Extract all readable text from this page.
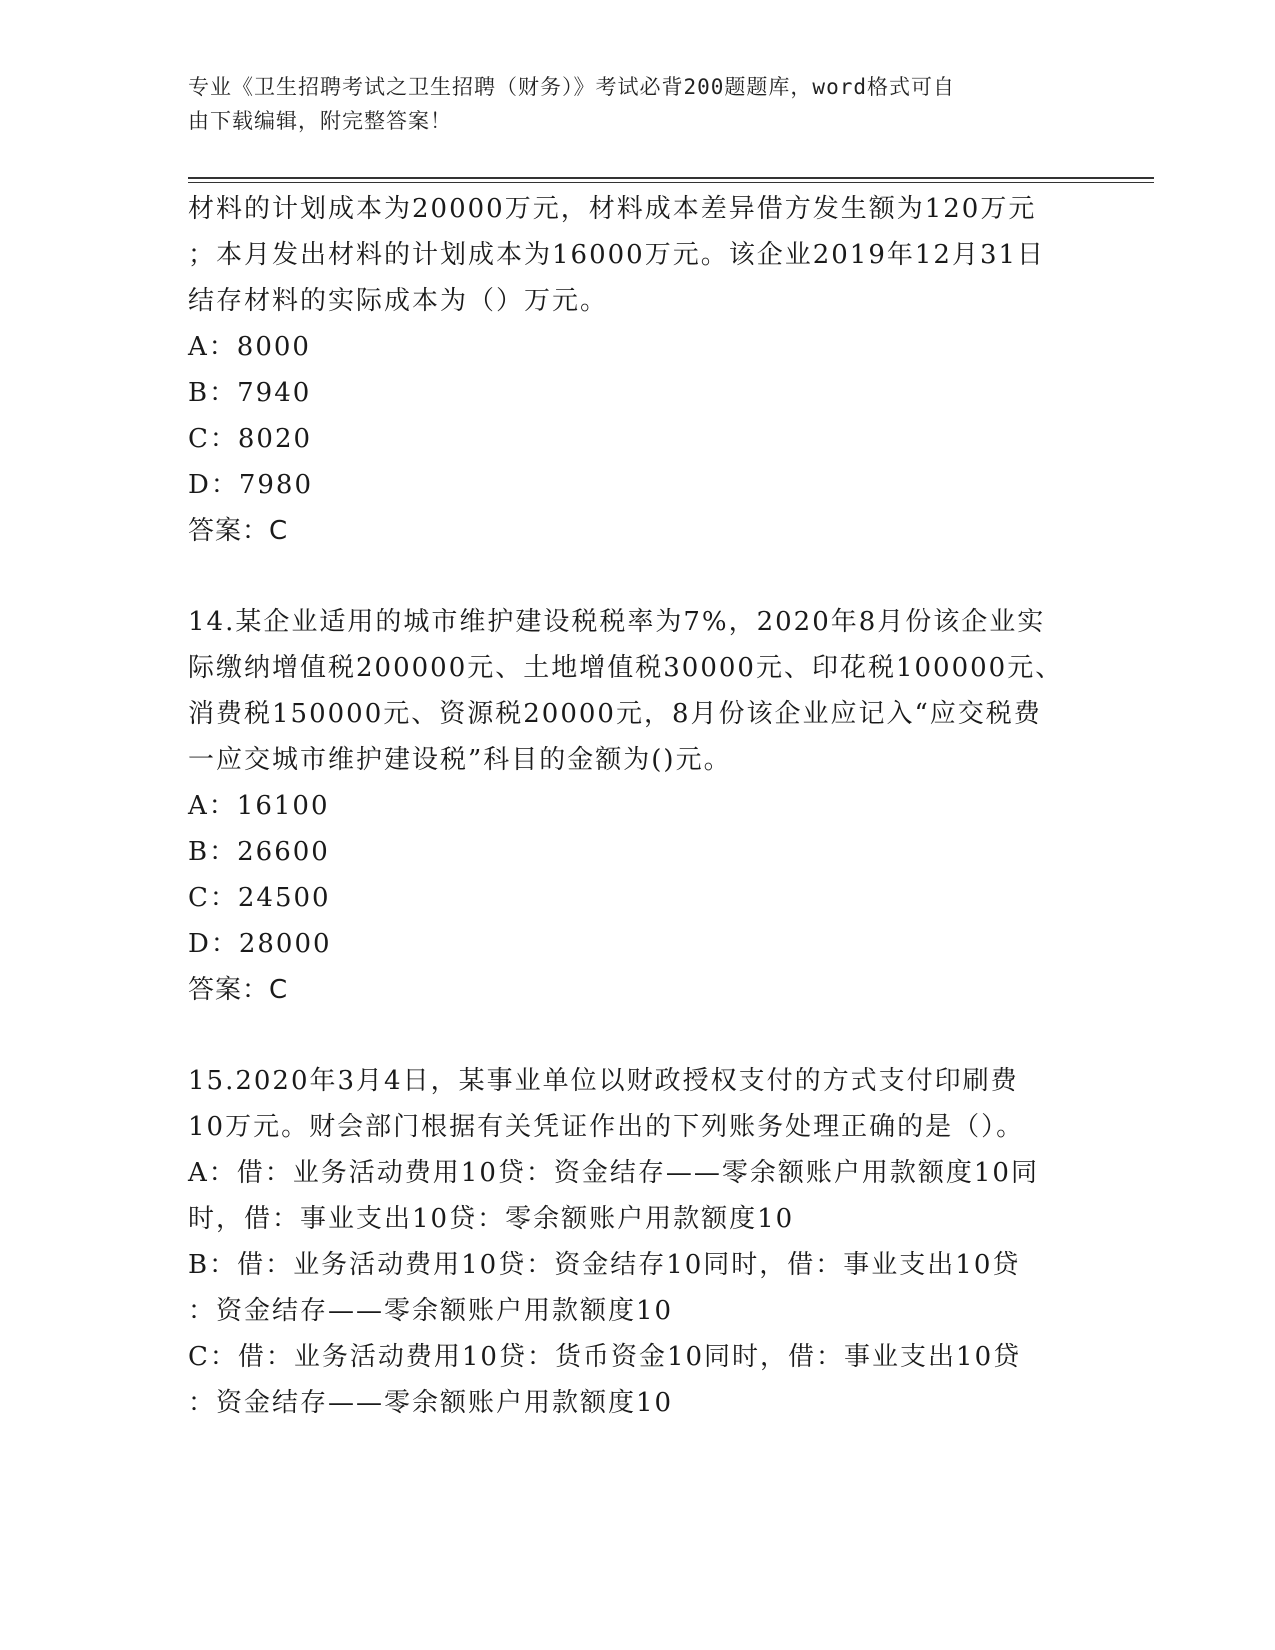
专业《卫生招聘考试之卫生招聘（财务）》考试必背200题题库，word格式可自
由下载编辑，附完整答案！
材料的计划成本为20000万元，材料成本差异借方发生额为120万元
；本月发出材料的计划成本为16000万元。该企业2019年12月31日
结存材料的实际成本为（）万元。
A：8000
B：7940
C：8020
D：7980
答案：C
14.某企业适用的城市维护建设税税率为7%，2020年8月份该企业实
际缴纳增值税200000元、土地增值税30000元、印花税100000元、
消费税150000元、资源税20000元，8月份该企业应记入“应交税费
一应交城市维护建设税”科目的金额为()元。
A：16100
B：26600
C：24500
D：28000
答案：C
15.2020年3月4日，某事业单位以财政授权支付的方式支付印刷费
10万元。财会部门根据有关凭证作出的下列账务处理正确的是（）。
A：借：业务活动费用10贷：资金结存——零余额账户用款额度10同
时，借：事业支出10贷：零余额账户用款额度10
B：借：业务活动费用10贷：资金结存10同时，借：事业支出10贷
：资金结存——零余额账户用款额度10
C：借：业务活动费用10贷：货币资金10同时，借：事业支出10贷
：资金结存——零余额账户用款额度10
